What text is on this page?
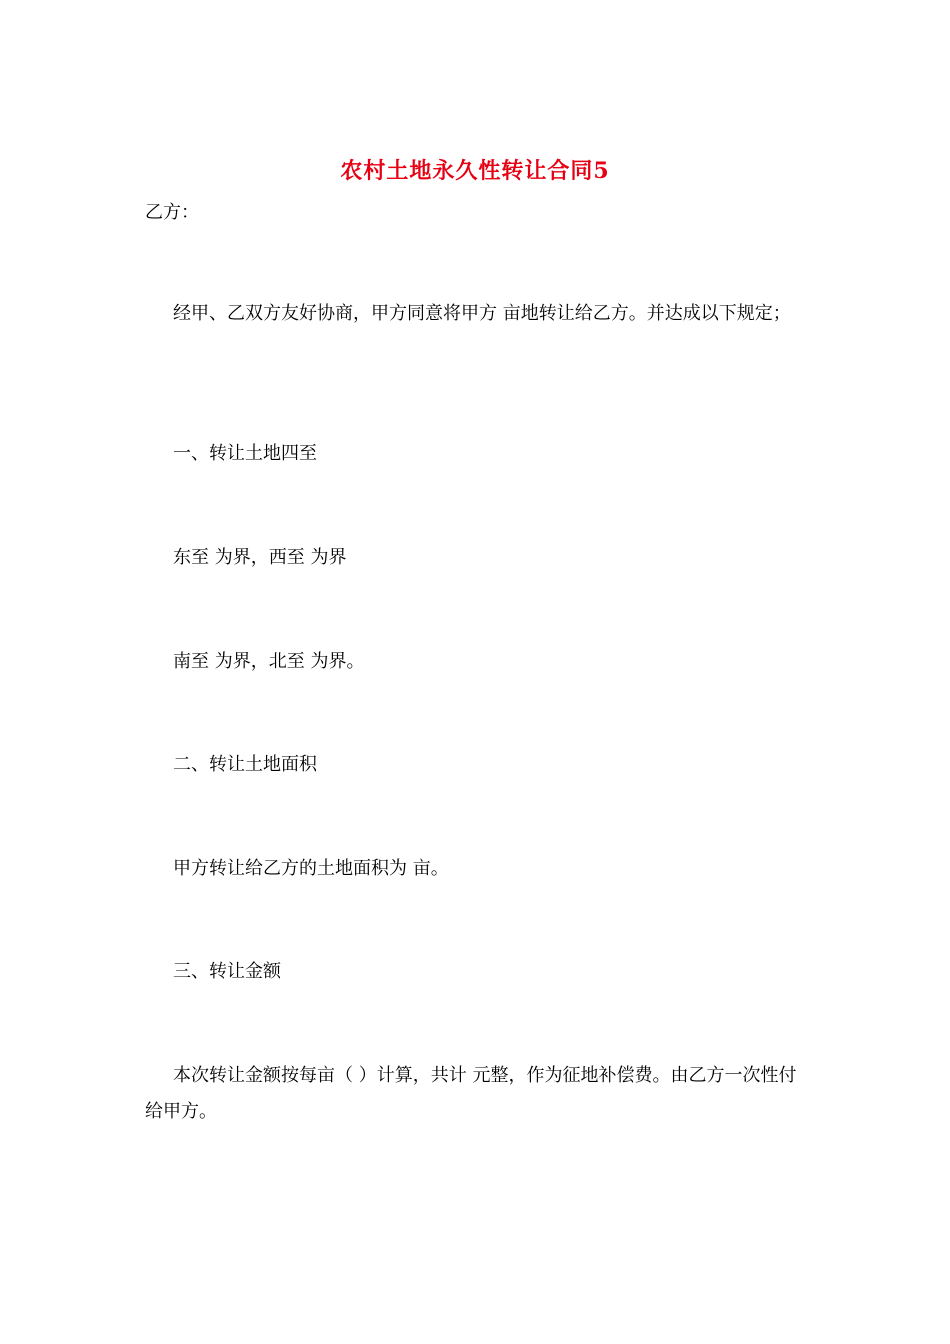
农村土地永久性转让合同5

乙方：

经甲、乙双方友好协商，甲方同意将甲方 亩地转让给乙方。并达成以下规定；

一、转让土地四至

东至 为界，西至 为界

南至 为界，北至 为界。

二、转让土地面积

甲方转让给乙方的土地面积为 亩。

三、转让金额

本次转让金额按每亩（ ）计算，共计 元整，作为征地补偿费。由乙方一次性付给甲方。
